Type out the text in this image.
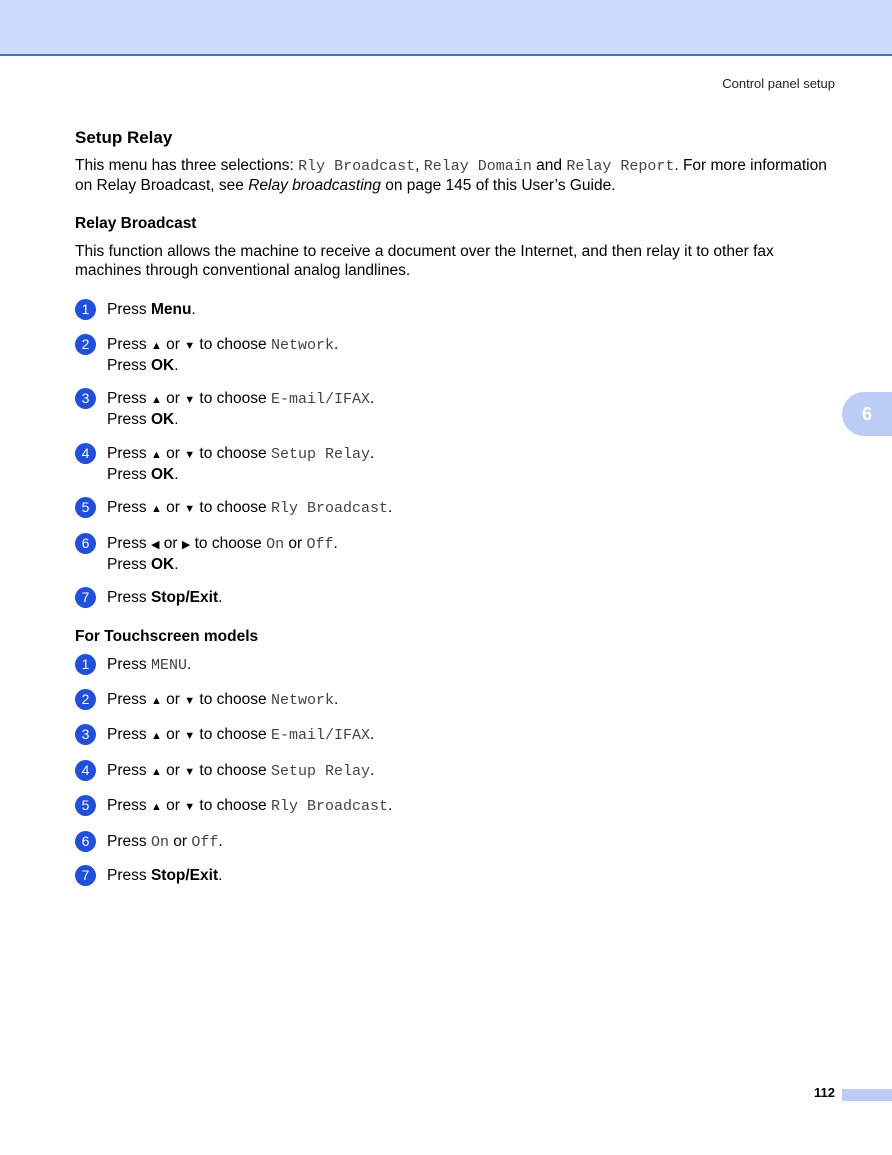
Control panel setup
6
Setup Relay

This menu has three selections: Rly Broadcast, Relay Domain and Relay Report. For more information on Relay Broadcast, see Relay broadcasting on page 145 of this User’s Guide.

Relay Broadcast

This function allows the machine to receive a document over the Internet, and then relay it to other fax machines through conventional analog landlines.

1	Press Menu.
2	Press ▲ or ▼ to choose Network.
Press OK.
3	Press ▲ or ▼ to choose E-mail/IFAX.
Press OK.
4	Press ▲ or ▼ to choose Setup Relay.
Press OK.
5	Press ▲ or ▼ to choose Rly Broadcast.
6	Press ◀ or ▶ to choose On or Off.
Press OK.
7	Press Stop/Exit.
For Touchscreen models
1	Press MENU.
2	Press ▲ or ▼ to choose Network.
3	Press ▲ or ▼ to choose E-mail/IFAX.
4	Press ▲ or ▼ to choose Setup Relay.
5	Press ▲ or ▼ to choose Rly Broadcast.
6	Press On or Off.
7	Press Stop/Exit.
112
